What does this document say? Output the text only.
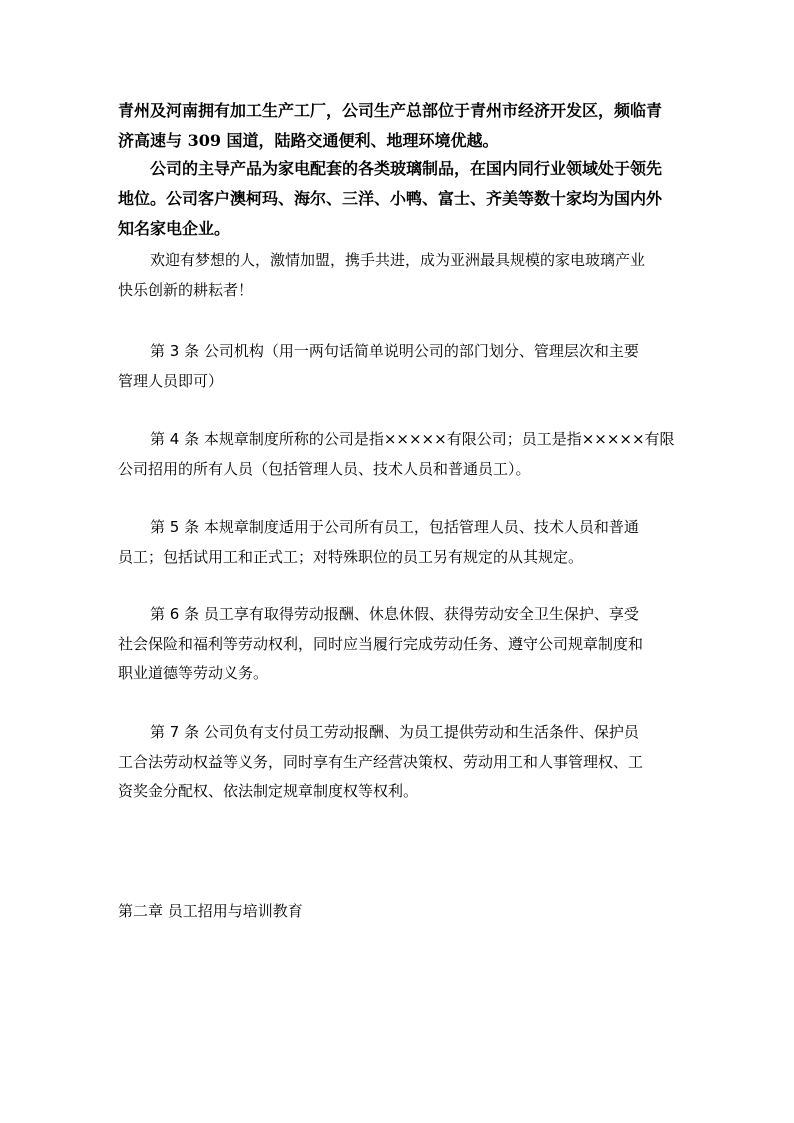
青州及河南拥有加工生产工厂，公司生产总部位于青州市经济开发区，频临青
济高速与 309 国道，陆路交通便利、地理环境优越。
公司的主导产品为家电配套的各类玻璃制品，在国内同行业领域处于领先
地位。公司客户澳柯玛、海尔、三洋、小鸭、富士、齐美等数十家均为国内外
知名家电企业。
欢迎有梦想的人，激情加盟，携手共进，成为亚洲最具规模的家电玻璃产业
快乐创新的耕耘者！
第 3 条 公司机构（用一两句话简单说明公司的部门划分、管理层次和主要
管理人员即可）
第 4 条 本规章制度所称的公司是指×××××有限公司；员工是指×××××有限
公司招用的所有人员（包括管理人员、技术人员和普通员工）。
第 5 条 本规章制度适用于公司所有员工，包括管理人员、技术人员和普通
员工；包括试用工和正式工；对特殊职位的员工另有规定的从其规定。
第 6 条 员工享有取得劳动报酬、休息休假、获得劳动安全卫生保护、享受
社会保险和福利等劳动权利，同时应当履行完成劳动任务、遵守公司规章制度和
职业道德等劳动义务。
第 7 条 公司负有支付员工劳动报酬、为员工提供劳动和生活条件、保护员
工合法劳动权益等义务，同时享有生产经营决策权、劳动用工和人事管理权、工
资奖金分配权、依法制定规章制度权等权利。
第二章 员工招用与培训教育
